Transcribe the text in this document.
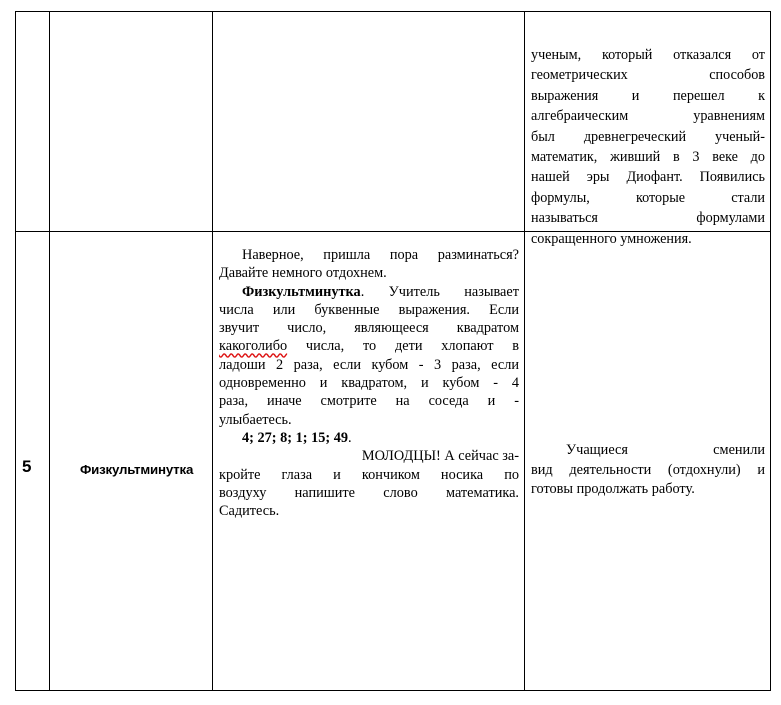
ученым, который отказался от
геометрических способов
выражения и перешел к
алгебраическим уравнениям
был древнегреческий ученый-
математик, живший в 3 веке до
нашей эры Диофант. Появились
формулы, которые стали
называться формулами
сокращенного умножения.
5	Физкультминутка
Наверное, пришла пора разминаться?
Давайте немного отдохнем.
Физкультминутка. Учитель называет
числа или буквенные выражения. Если
звучит число, являющееся квадратом
какоголибо числа, то дети хлопают в
ладоши 2 раза, если кубом - 3 раза, если
одновременно и квадратом, и кубом - 4
раза, иначе смотрите на соседа и -
улыбаетесь.
4; 27; 8; 1; 15; 49.
МОЛОДЦЫ! А сейчас за-
кройте глаза и кончиком носика по
воздуху напишите слово математика.
Садитесь.
Учащиеся сменили
вид деятельности (отдохнули) и
готовы продолжать работу.
